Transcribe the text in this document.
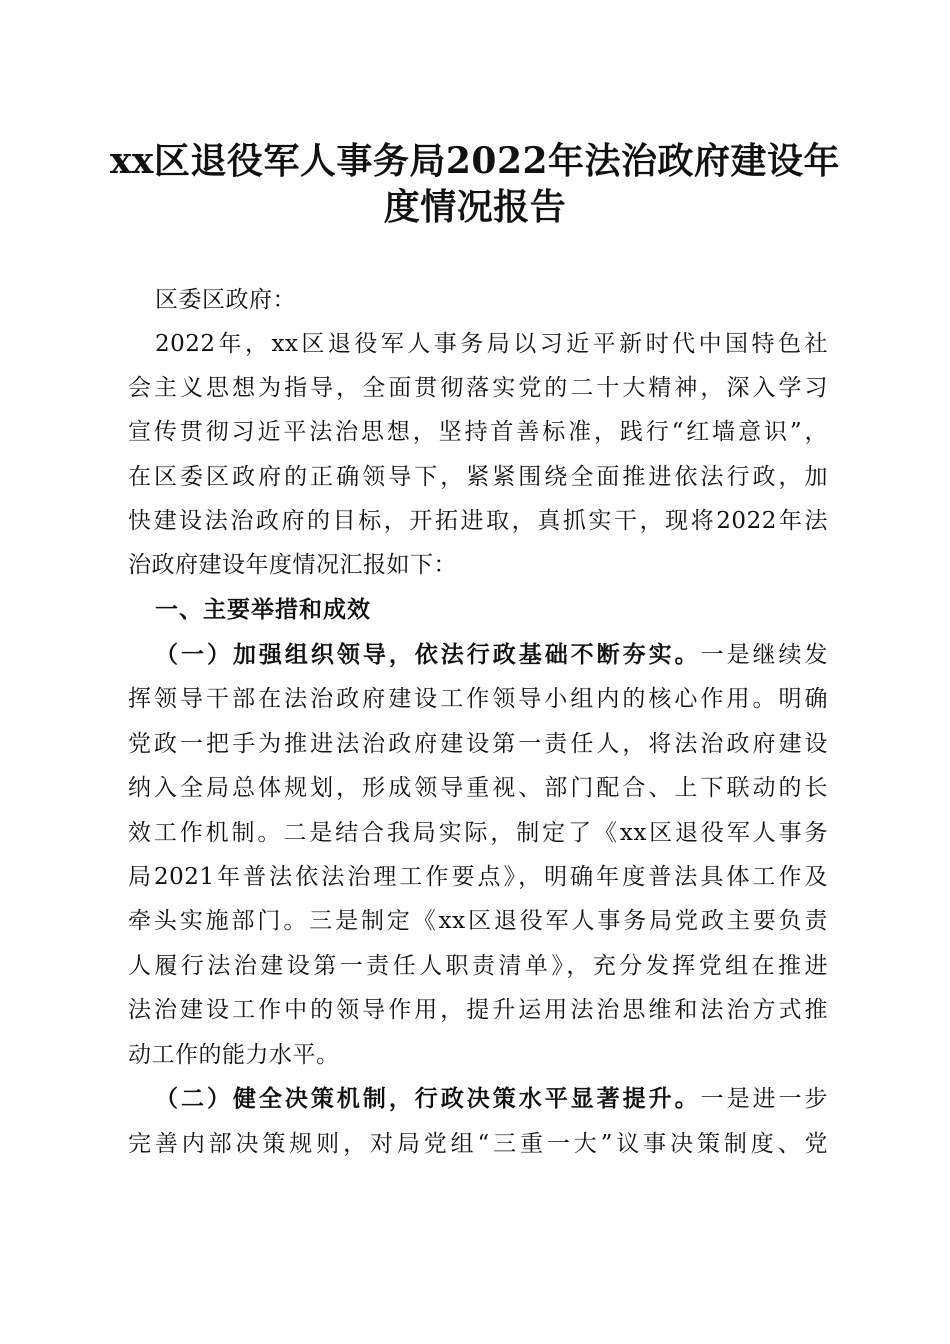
xx区退役军人事务局2022年法治政府建设年
度情况报告
区委区政府：
2022年，xx区退役军人事务局以习近平新时代中国特色社
会主义思想为指导，全面贯彻落实党的二十大精神，深入学习
宣传贯彻习近平法治思想，坚持首善标准，践行“红墙意识”，
在区委区政府的正确领导下，紧紧围绕全面推进依法行政，加
快建设法治政府的目标，开拓进取，真抓实干，现将2022年法
治政府建设年度情况汇报如下：
一、主要举措和成效
（一）加强组织领导，依法行政基础不断夯实。一是继续发
挥领导干部在法治政府建设工作领导小组内的核心作用。明确
党政一把手为推进法治政府建设第一责任人，将法治政府建设
纳入全局总体规划，形成领导重视、部门配合、上下联动的长
效工作机制。二是结合我局实际，制定了《xx区退役军人事务
局2021年普法依法治理工作要点》，明确年度普法具体工作及
牵头实施部门。三是制定《xx区退役军人事务局党政主要负责
人履行法治建设第一责任人职责清单》，充分发挥党组在推进
法治建设工作中的领导作用，提升运用法治思维和法治方式推
动工作的能力水平。
（二）健全决策机制，行政决策水平显著提升。一是进一步
完善内部决策规则，对局党组“三重一大”议事决策制度、党
